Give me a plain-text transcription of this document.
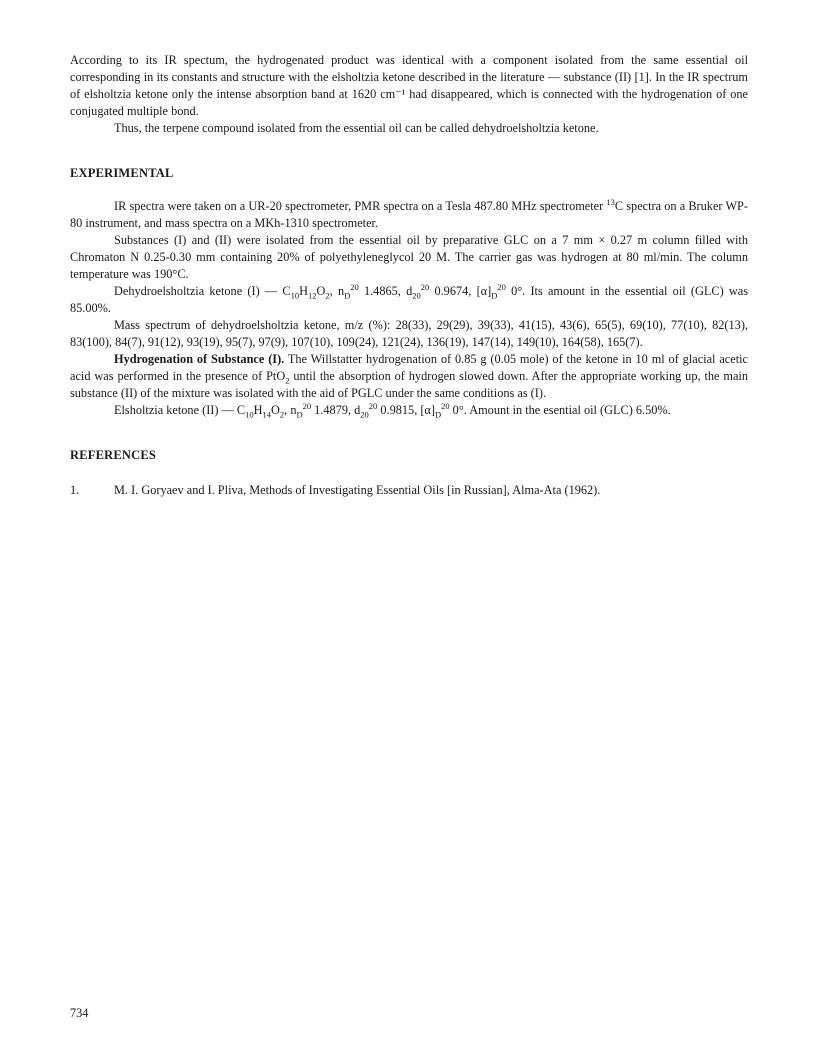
According to its IR spectum, the hydrogenated product was identical with a component isolated from the same essential oil corresponding in its constants and structure with the elsholtzia ketone described in the literature — substance (II) [1]. In the IR spectrum of elsholtzia ketone only the intense absorption band at 1620 cm⁻¹ had disappeared, which is connected with the hydrogenation of one conjugated multiple bond.

Thus, the terpene compound isolated from the essential oil can be called dehydroelsholtzia ketone.

EXPERIMENTAL

IR spectra were taken on a UR-20 spectrometer, PMR spectra on a Tesla 487.80 MHz spectrometer $^{13}$C spectra on a Bruker WP-80 instrument, and mass spectra on a MKh-1310 spectrometer.

Substances (I) and (II) were isolated from the essential oil by preparative GLC on a 7 mm × 0.27 m column filled with Chromaton N 0.25-0.30 mm containing 20% of polyethyleneglycol 20 M. The carrier gas was hydrogen at 80 ml/min. The column temperature was 190°C.

Dehydroelsholtzia ketone (I) — $C_{10}H_{12}O_2$, $n_D^{20}$ 1.4865, $d_{20}^{20}$ 0.9674, $[\alpha]_D^{20}$ 0°. Its amount in the essential oil (GLC) was 85.00%.

Mass spectrum of dehydroelsholtzia ketone, m/z (%): 28(33), 29(29), 39(33), 41(15), 43(6), 65(5), 69(10), 77(10), 82(13), 83(100), 84(7), 91(12), 93(19), 95(7), 97(9), 107(10), 109(24), 121(24), 136(19), 147(14), 149(10), 164(58), 165(7).

Hydrogenation of Substance (I). The Willstatter hydrogenation of 0.85 g (0.05 mole) of the ketone in 10 ml of glacial acetic acid was performed in the presence of PtO$_2$ until the absorption of hydrogen slowed down. After the appropriate working up, the main substance (II) of the mixture was isolated with the aid of PGLC under the same conditions as (I).

Elsholtzia ketone (II) — $C_{10}H_{14}O_2$, $n_D^{20}$ 1.4879, $d_{20}^{20}$ 0.9815, $[\alpha]_D^{20}$ 0°. Amount in the esential oil (GLC) 6.50%.

REFERENCES
1.	M. I. Goryaev and I. Pliva, Methods of Investigating Essential Oils [in Russian], Alma-Ata (1962).
734
